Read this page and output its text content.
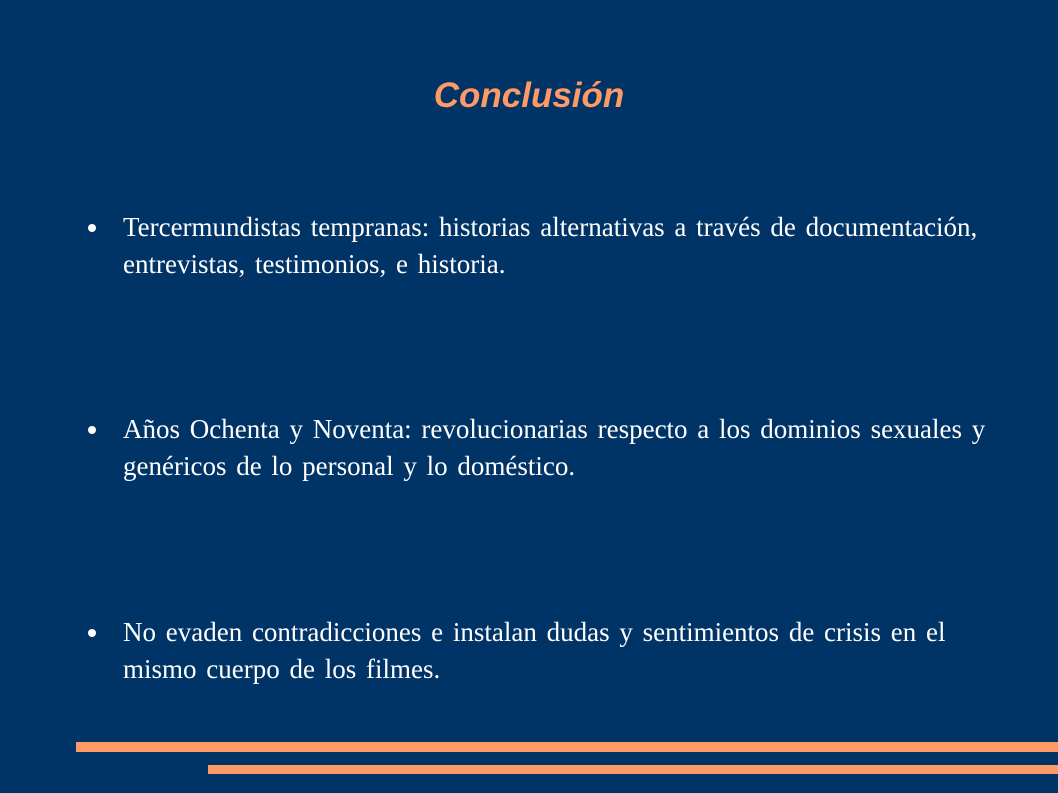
Conclusión
Tercermundistas tempranas: historias alternativas a través de documentación, entrevistas, testimonios, e historia.
Años Ochenta y Noventa: revolucionarias respecto a los dominios sexuales y genéricos de lo personal y lo doméstico.
No evaden contradicciones e instalan dudas y sentimientos de crisis en el mismo cuerpo de los filmes.
